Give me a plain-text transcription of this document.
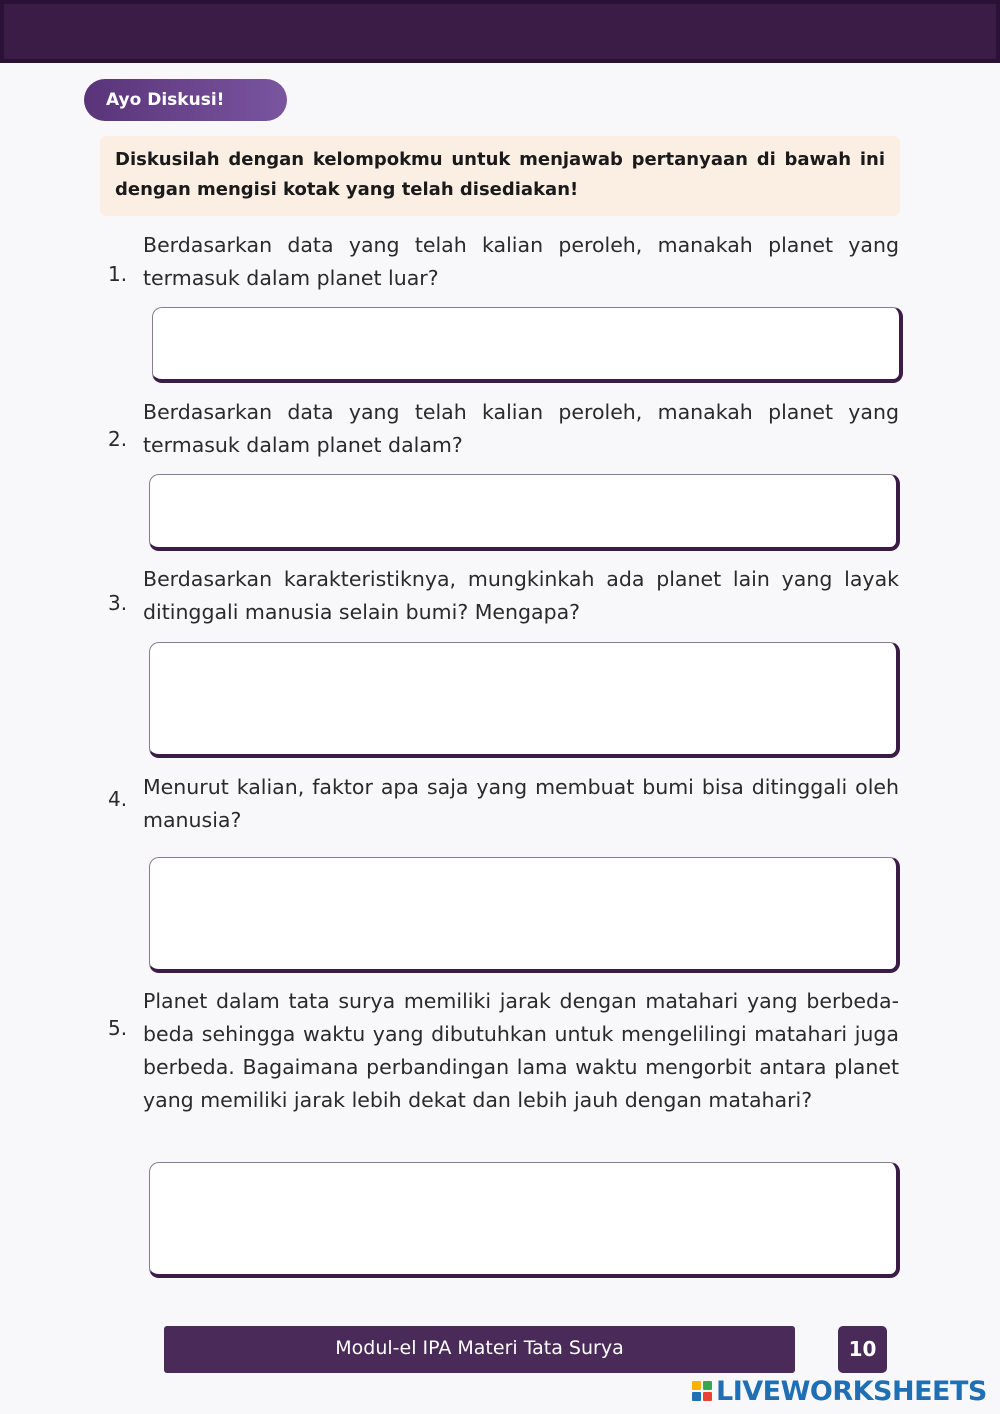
Ayo Diskusi!
Diskusilah dengan kelompokmu untuk menjawab pertanyaan di bawah ini dengan mengisi kotak yang telah disediakan!
1.
Berdasarkan data yang telah kalian peroleh, manakah planet yang termasuk dalam planet luar?
2.
Berdasarkan data yang telah kalian peroleh, manakah planet yang termasuk dalam planet dalam?
3.
Berdasarkan karakteristiknya, mungkinkah ada planet lain yang layak ditinggali manusia selain bumi? Mengapa?
4. Menurut kalian, faktor apa saja yang membuat bumi bisa ditinggali oleh manusia?
5.
Planet dalam tata surya memiliki jarak dengan matahari yang berbeda-beda sehingga waktu yang dibutuhkan untuk mengelilingi matahari juga berbeda. Bagaimana perbandingan lama waktu mengorbit antara planet yang memiliki jarak lebih dekat dan lebih jauh dengan matahari?
Modul-el IPA Materi Tata Surya	10
LIVEWORKSHEETS
